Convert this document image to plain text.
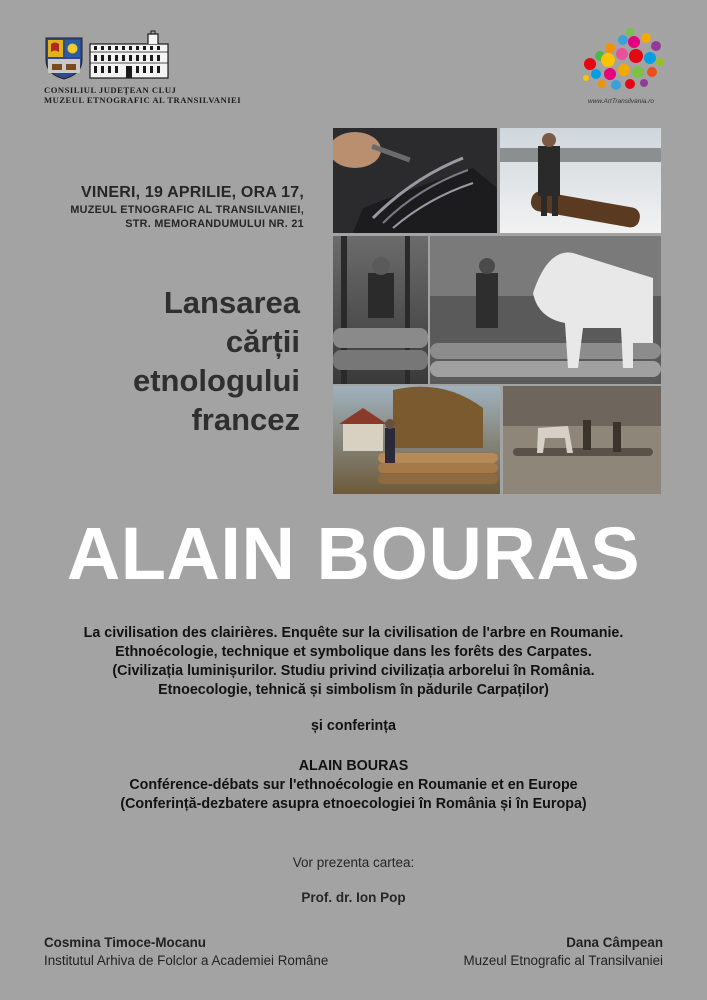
CONSILIUL JUDEȚEAN CLUJ
MUZEUL ETNOGRAFIC AL TRANSILVANIEI	www.ArtTransilvania.ro
VINERI, 19 APRILIE, ORA 17,
MUZEUL ETNOGRAFIC AL TRANSILVANIEI,
STR. MEMORANDUMULUI NR. 21
Lansarea
cărții
etnologului
francez
ALAIN BOURAS
La civilisation des clairières. Enquête sur la civilisation de l'arbre en Roumanie.
Ethnoécologie, technique et symbolique dans les forêts des Carpates.
(Civilizația luminișurilor. Studiu privind civilizația arborelui în România.
Etnoecologie, tehnică și simbolism în pădurile Carpaților)
și conferința
ALAIN BOURAS
Conférence-débats sur l'ethnoécologie en Roumanie et en Europe
(Conferință-dezbatere asupra etnoecologiei în România și în Europa)
Vor prezenta cartea:
Prof. dr. Ion Pop
Cosmina Timoce-Mocanu
Institutul Arhiva de Folclor a Academiei Române
Dana Câmpean
Muzeul Etnografic al Transilvaniei
